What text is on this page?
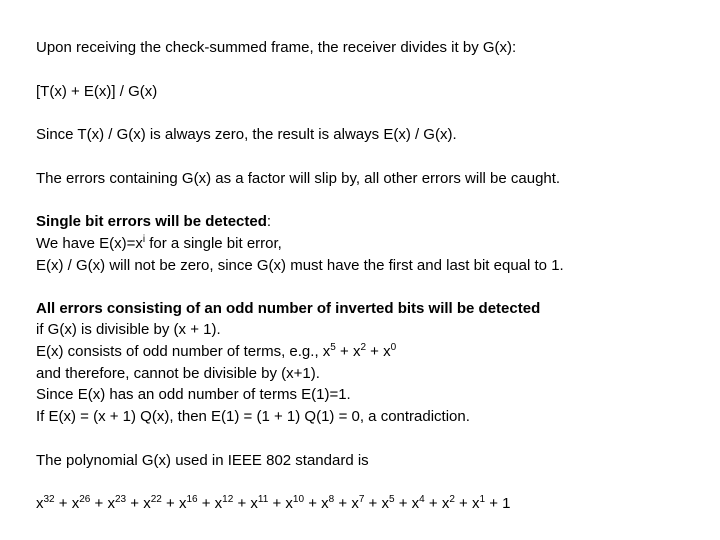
Upon receiving the check-summed frame, the receiver divides it by G(x):
[T(x) + E(x)] / G(x)
Since T(x) / G(x) is always zero, the result is always E(x) / G(x).
The errors containing G(x) as a factor will slip by, all other errors will be caught.
Single bit errors will be detected:
We have $E(x)=x^i$ for a single bit error,
E(x) / G(x) will not be zero, since G(x) must have the first and last bit equal to 1.
All errors consisting of an odd number of inverted bits will be detected
if G(x) is divisible by (x + 1).
E(x) consists of odd number of terms, e.g., $x^5 + x^2 + x^0$
and therefore, cannot be divisible by (x+1).
Since E(x) has an odd number of terms E(1)=1.
If E(x) = (x + 1) Q(x), then E(1) = (1 + 1) Q(1) = 0, a contradiction.
The polynomial G(x) used in IEEE 802 standard is
$x^{32} + x^{26} + x^{23} + x^{22} + x^{16} + x^{12} + x^{11} + x^{10} + x^8 + x^7 + x^5 + x^4 + x^2 + x^1 + 1$
